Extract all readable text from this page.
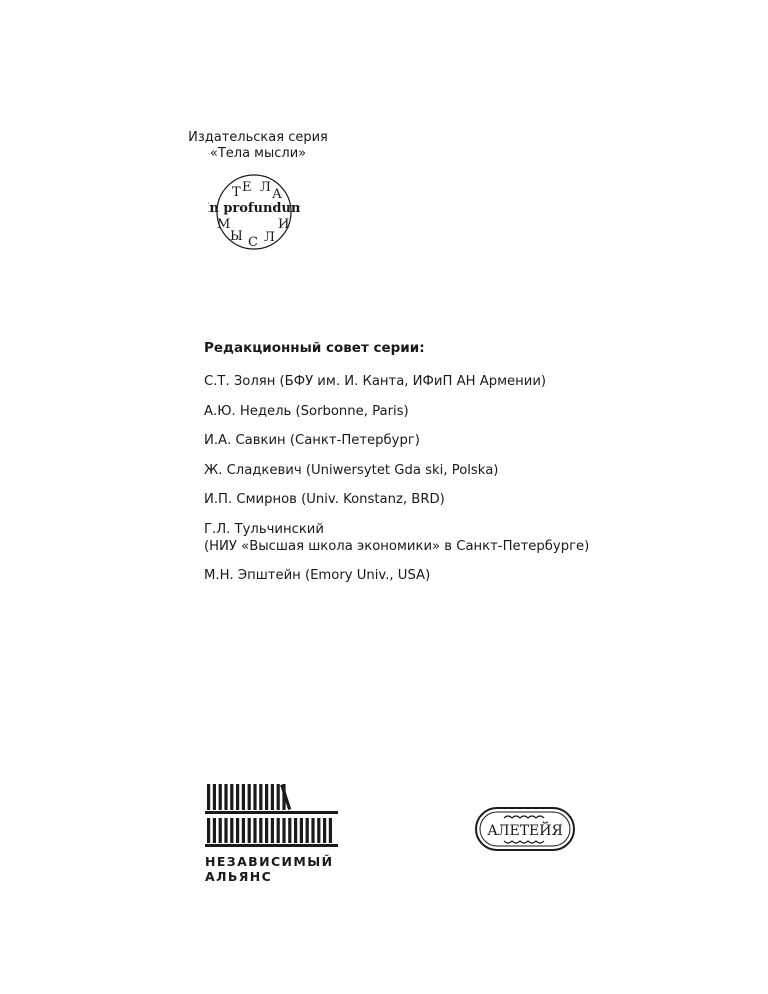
Издательская серия
«Тела мысли»
Т Е Л А
In profundum
М	И
Ы С Л
Редакционный совет серии:
С.Т. Золян (БФУ им. И. Канта, ИФиП АН Армении)
А.Ю. Недель (Sorbonne, Paris)
И.А. Савкин (Санкт-Петербург)
Ж. Сладкевич (Uniwersytet Gda ski, Polska)
И.П. Смирнов (Univ. Konstanz, BRD)
Г.Л. Тульчинский
(НИУ «Высшая школа экономики» в Санкт-Петербурге)
М.Н. Эпштейн (Emory Univ., USA)
НЕЗАВИСИМЫЙ
АЛЬЯНС
АЛЕТЕЙЯ
